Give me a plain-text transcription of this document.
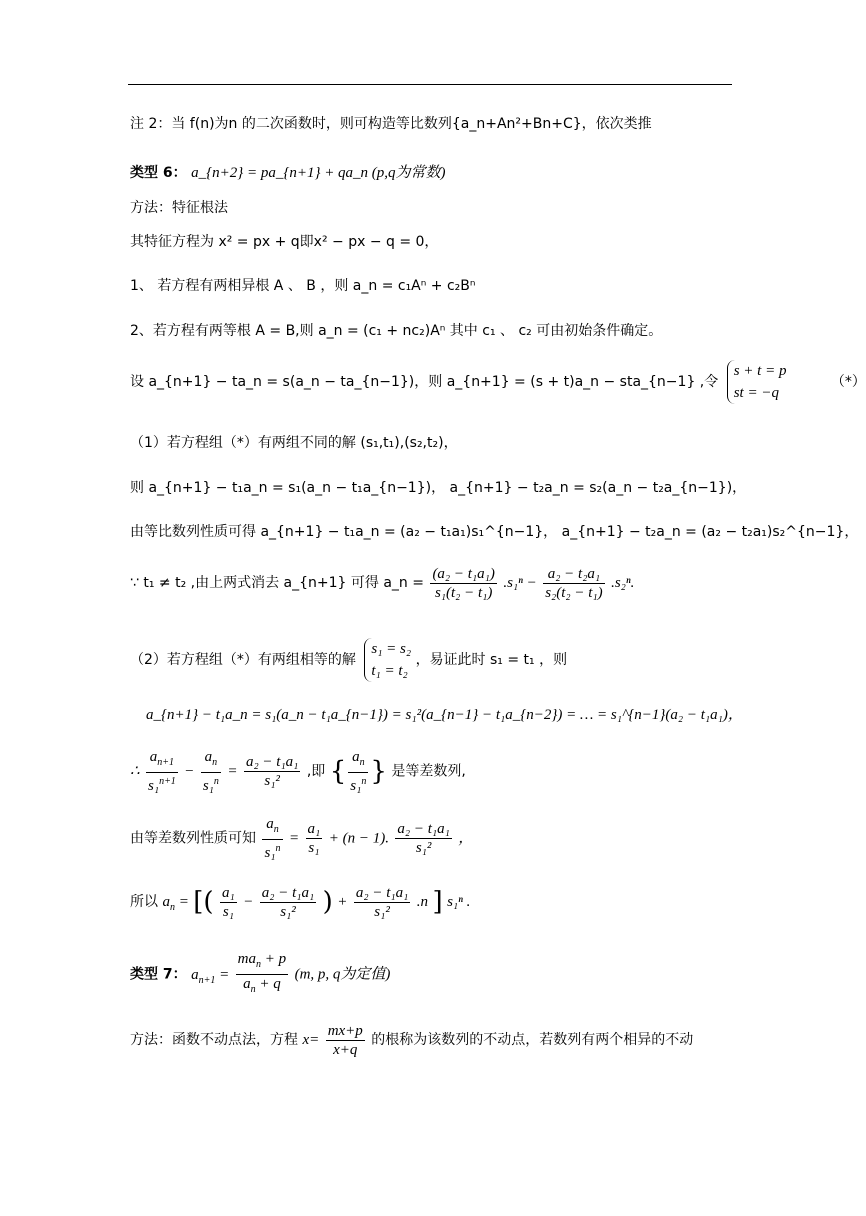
注 2：当 f(n)为n 的二次函数时，则可构造等比数列{a_n+An²+Bn+C}，依次类推
类型 6： a_{n+2} = pa_{n+1} + qa_n (p,q为常数)
方法：特征根法
其特征方程为 x² = px + q即x² − px − q = 0，
1、 若方程有两相异根 A 、 B ，则 a_n = c₁Aⁿ + c₂Bⁿ
2、若方程有两等根 A = B,则 a_n = (c₁ + nc₂)Aⁿ 其中 c₁ 、 c₂ 可由初始条件确定。
设 a_{n+1} − ta_n = s(a_n − ta_{n−1})，则 a_{n+1} = (s + t)a_n − sta_{n−1} ,令
s + t = p
st = −q
（*）
（1）若方程组（*）有两组不同的解 (s₁,t₁),(s₂,t₂)，
则 a_{n+1} − t₁a_n = s₁(a_n − t₁a_{n−1})， a_{n+1} − t₂a_n = s₂(a_n − t₂a_{n−1})，
由等比数列性质可得 a_{n+1} − t₁a_n = (a₂ − t₁a₁)s₁^{n−1}， a_{n+1} − t₂a_n = (a₂ − t₂a₁)s₂^{n−1}，
∵ t₁ ≠ t₂ ,由上两式消去 a_{n+1} 可得 a_n = $\frac{\text{(a₂ − t₁a₁)}}{\text{s₁(t₂ − t₁)}} .s_1^n - \frac{\text{a₂ − t₂a₁}}{\text{s₂(t₂ − t₁)}} .s_2^n$.
（2）若方程组（*）有两组相等的解
s₁ = s₂
t₁ = t₂
，易证此时 s₁ = t₁ ，则
a_{n+1} − t₁a_n = s₁(a_n − t₁a_{n−1}) = s₁²(a_{n−1} − t₁a_{n−2}) = … = s₁^{n−1}(a₂ − t₁a₁)，
∴ $\frac{a_{n+1}}{s_1^{n+1}} - \frac{a_n}{s_1^n} = \frac{\text{a₂ − t₁a₁}}{\text{s₁²}}$ ,即 { $\frac{a_n}{s_1^n}$ } 是等差数列,
由等差数列性质可知 $\frac{a_n}{s_1^n} = \frac{\text{a₁}}{\text{s₁}} + (n - 1)$. $\frac{\text{a₂ − t₁a₁}}{\text{s₁²}}$ ，
所以 $a_n$ = [( $\frac{\text{a₁}}{\text{s₁}} - \frac{\text{a₂ − t₁a₁}}{\text{s₁²}}$ ) + $\frac{\text{a₂ − t₁a₁}}{\text{s₁²}} .n$ ] s₁ⁿ .
类型 7： $a_{n+1} = \frac{ma_n + p}{a_n + q} (m$, p, q为定值)
方法：函数不动点法，方程 $x= \frac{mx+p}{x+q}$ 的根称为该数列的不动点，若数列有两个相异的不动
